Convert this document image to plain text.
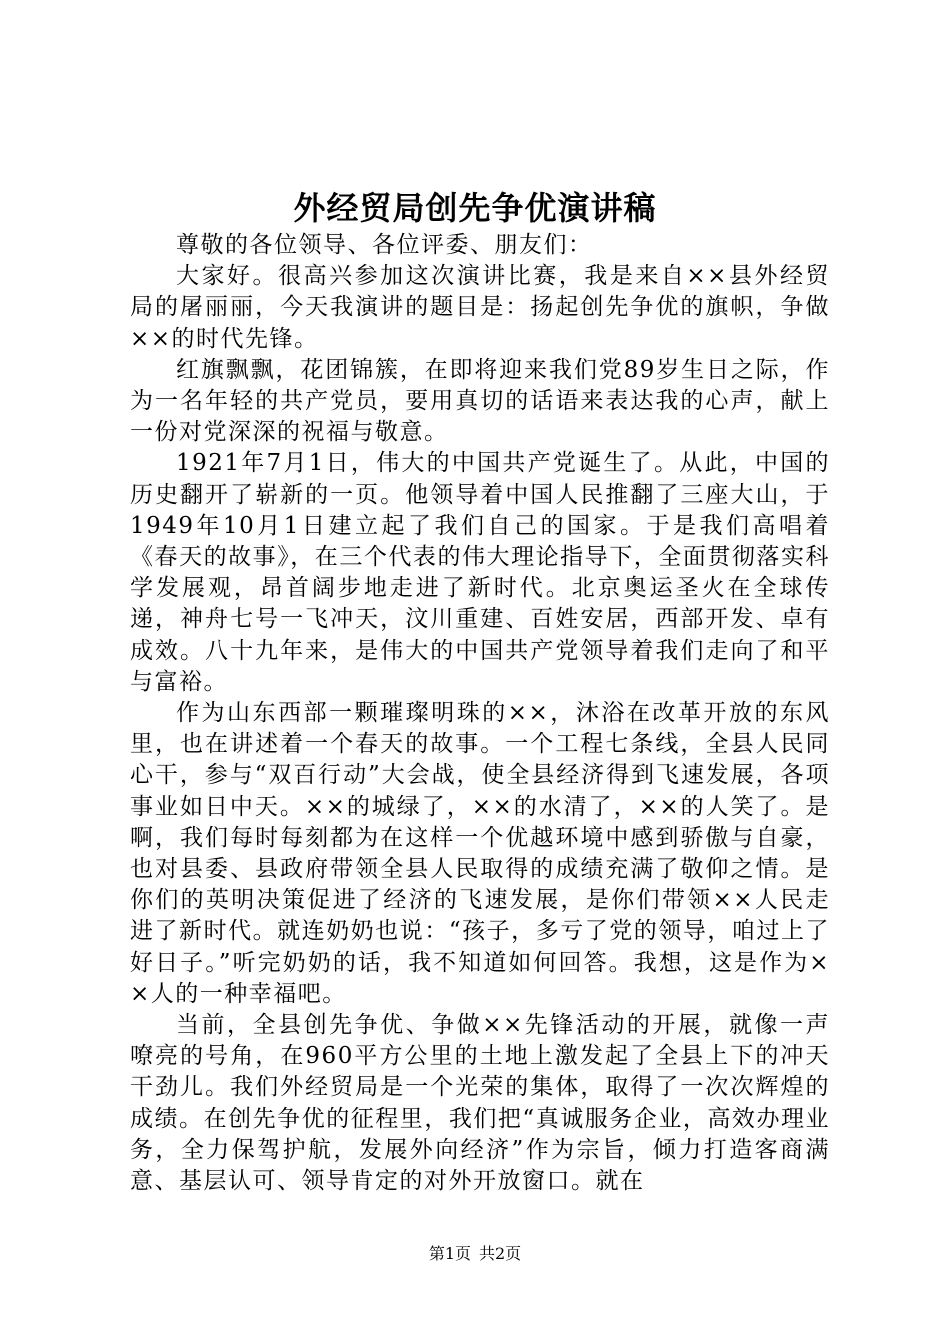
外经贸局创先争优演讲稿

尊敬的各位领导、各位评委、朋友们：

大家好。很高兴参加这次演讲比赛，我是来自××县外经贸局的屠丽丽，今天我演讲的题目是：扬起创先争优的旗帜，争做××的时代先锋。

红旗飘飘，花团锦簇，在即将迎来我们党89岁生日之际，作为一名年轻的共产党员，要用真切的话语来表达我的心声，献上一份对党深深的祝福与敬意。

1921年7月1日，伟大的中国共产党诞生了。从此，中国的历史翻开了崭新的一页。他领导着中国人民推翻了三座大山，于1949年10月1日建立起了我们自己的国家。于是我们高唱着《春天的故事》，在三个代表的伟大理论指导下，全面贯彻落实科学发展观，昂首阔步地走进了新时代。北京奥运圣火在全球传递，神舟七号一飞冲天，汶川重建、百姓安居，西部开发、卓有成效。八十九年来，是伟大的中国共产党领导着我们走向了和平与富裕。

作为山东西部一颗璀璨明珠的××，沐浴在改革开放的东风里，也在讲述着一个春天的故事。一个工程七条线，全县人民同心干，参与“双百行动”大会战，使全县经济得到飞速发展，各项事业如日中天。××的城绿了，××的水清了，××的人笑了。是啊，我们每时每刻都为在这样一个优越环境中感到骄傲与自豪，也对县委、县政府带领全县人民取得的成绩充满了敬仰之情。是你们的英明决策促进了经济的飞速发展，是你们带领××人民走进了新时代。就连奶奶也说：“孩子，多亏了党的领导，咱过上了好日子。”听完奶奶的话，我不知道如何回答。我想，这是作为××人的一种幸福吧。

当前，全县创先争优、争做××先锋活动的开展，就像一声嘹亮的号角，在960平方公里的土地上激发起了全县上下的冲天干劲儿。我们外经贸局是一个光荣的集体，取得了一次次辉煌的成绩。在创先争优的征程里，我们把“真诚服务企业，高效办理业务，全力保驾护航，发展外向经济”作为宗旨，倾力打造客商满意、基层认可、领导肯定的对外开放窗口。就在

第1页 共2页
